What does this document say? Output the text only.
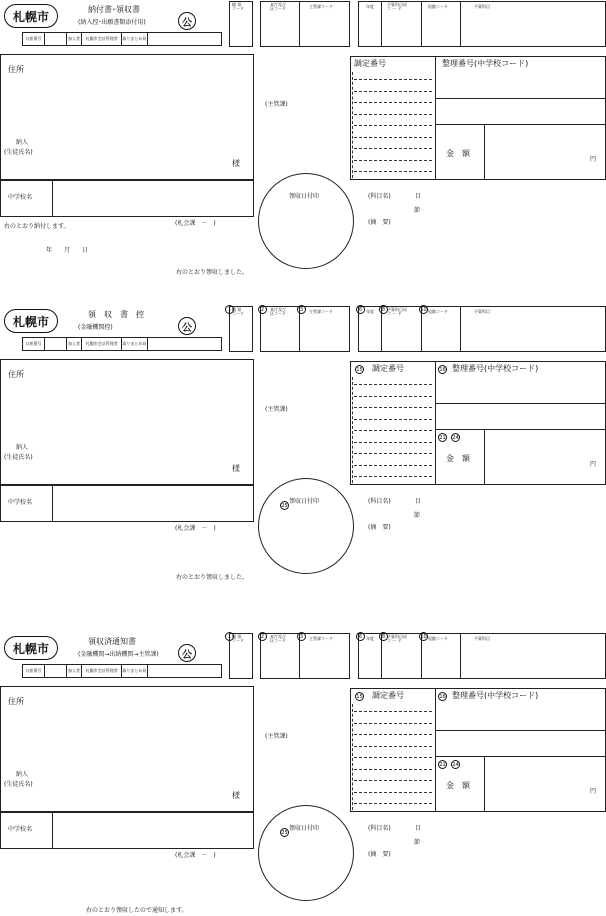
札幌市	納付書･領収書
(納入控･出願書類添付用)	公
口座番号	加入者	札幌市会計管理者	取りまとめ局
帳 票
コード
本庁及び
区コード	主管課コード	年度	予算科目局
コ ー ド	短縮コード	予算科目
住所
納人
(生徒氏名)
様
中学校名
(主管課)
調定番号	整理番号(中学校コード)
金　額
円
領収日付印	(科目名)	目
節
(摘　要)
(札会課　－　)
右のとおり納付します。
年　　月　　日
右のとおり領収しました。
札幌市	領　収　書　控
(金融機関控)	公
口座番号	加入者	札幌市会計管理者	取りまとめ局
帳 票
コード
本庁及び
区コード	主管課コード	年度	予算科目局
コ ー ド	短縮コード	予算科目
1	2	3	6	8	10
15	16
21 24
25
住所
納人
(生徒氏名)
様
中学校名
(主管課)
調定番号	整理番号(中学校コード)
金　額
円
領収日付印	(科目名)	目
節
(摘　要)
(札会課　－　)
右のとおり領収しました。
札幌市	領収済通知書
(金融機関→出納機関→主管課)	公
口座番号	加入者	札幌市会計管理者	取りまとめ局
帳 票
コード
本庁及び
区コード	主管課コード	年度	予算科目局
コ ー ド	短縮コード	予算科目
1	2	3	6	8	10
15	16
21 24
25
住所
納人
(生徒氏名)
様
中学校名
(主管課)
調定番号	整理番号(中学校コード)
金　額
円
領収日付印	(科目名)	目
節
(摘　要)
(札会課　－　)
右のとおり領収したので通知します。
